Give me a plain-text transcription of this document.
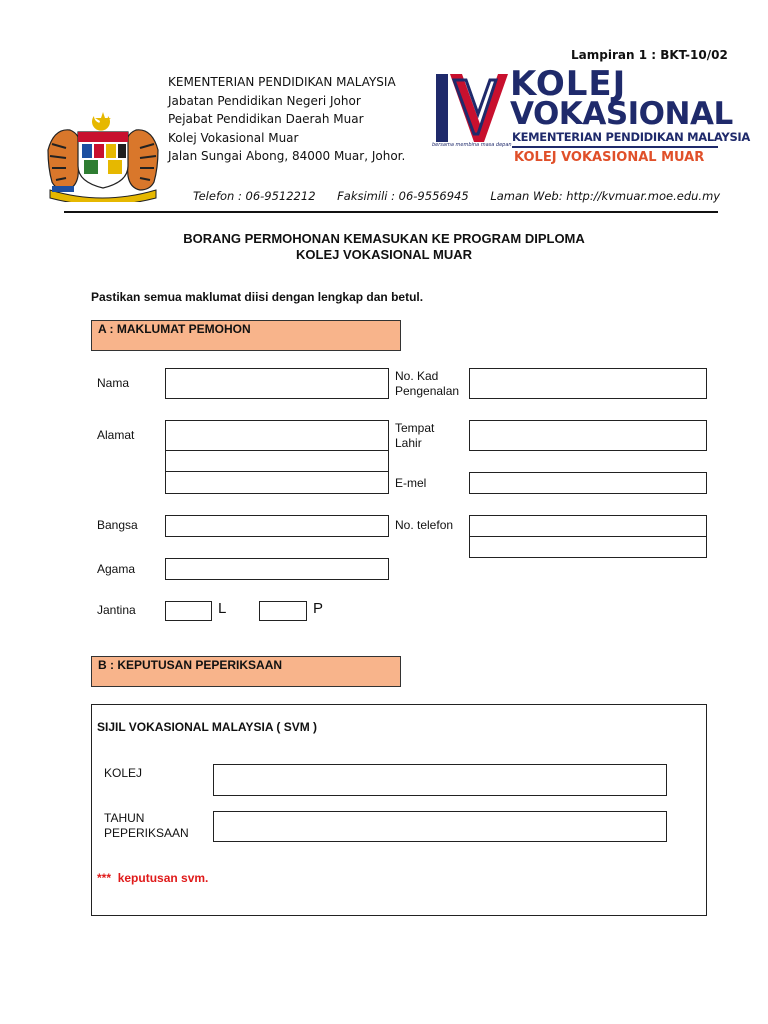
Lampiran 1 : BKT-10/02
KEMENTERIAN PENDIDIKAN MALAYSIA
Jabatan Pendidikan Negeri Johor
Pejabat Pendidikan Daerah Muar
Kolej Vokasional Muar
Jalan Sungai Abong, 84000 Muar, Johor.
KOLEJ
VOKASIONAL
KEMENTERIAN PENDIDIKAN MALAYSIA
KOLEJ VOKASIONAL MUAR
bersama membina masa depan
Telefon : 06-9512212 Faksimili : 06-9556945 Laman Web: http://kvmuar.moe.edu.my
BORANG PERMOHONAN KEMASUKAN KE PROGRAM DIPLOMA
KOLEJ VOKASIONAL MUAR
Pastikan semua maklumat diisi dengan lengkap dan betul.
A : MAKLUMAT PEMOHON
Nama	No. Kad
Pengenalan
Alamat	Tempat
Lahir
E-mel
Bangsa	No. telefon
Agama
Jantina	L	P
B : KEPUTUSAN PEPERIKSAAN
SIJIL VOKASIONAL MALAYSIA ( SVM )
KOLEJ
TAHUN
PEPERIKSAAN
*** keputusan svm.
